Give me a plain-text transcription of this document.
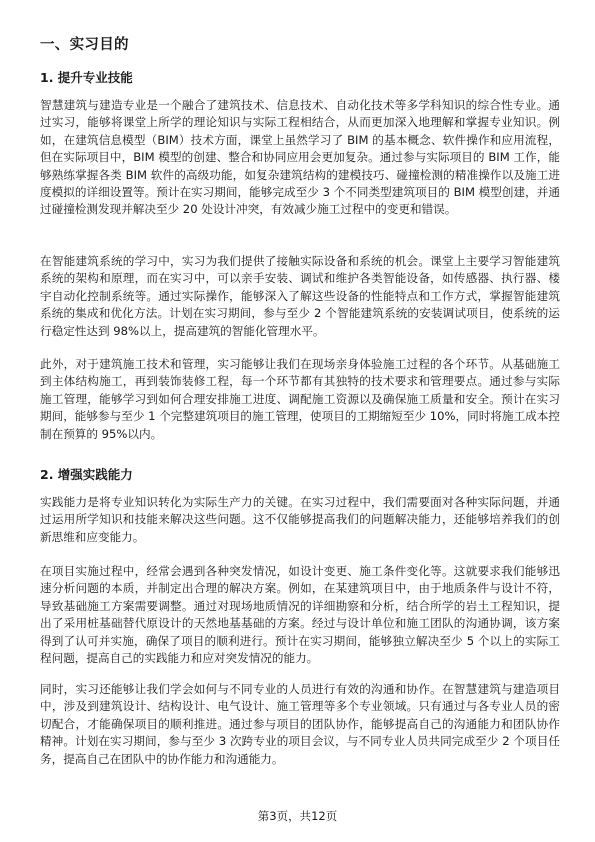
一、实习目的
1. 提升专业技能

智慧建筑与建造专业是一个融合了建筑技术、信息技术、自动化技术等多学科知识的综合性专业。通过实习，能够将课堂上所学的理论知识与实际工程相结合，从而更加深入地理解和掌握专业知识。例如，在建筑信息模型（BIM）技术方面，课堂上虽然学习了 BIM 的基本概念、软件操作和应用流程，但在实际项目中，BIM 模型的创建、整合和协同应用会更加复杂。通过参与实际项目的 BIM 工作，能够熟练掌握各类 BIM 软件的高级功能，如复杂建筑结构的建模技巧、碰撞检测的精准操作以及施工进度模拟的详细设置等。预计在实习期间，能够完成至少 3 个不同类型建筑项目的 BIM 模型创建，并通过碰撞检测发现并解决至少 20 处设计冲突，有效减少施工过程中的变更和错误。

在智能建筑系统的学习中，实习为我们提供了接触实际设备和系统的机会。课堂上主要学习智能建筑系统的架构和原理，而在实习中，可以亲手安装、调试和维护各类智能设备，如传感器、执行器、楼宇自动化控制系统等。通过实际操作，能够深入了解这些设备的性能特点和工作方式，掌握智能建筑系统的集成和优化方法。计划在实习期间，参与至少 2 个智能建筑系统的安装调试项目，使系统的运行稳定性达到 98%以上，提高建筑的智能化管理水平。

此外，对于建筑施工技术和管理，实习能够让我们在现场亲身体验施工过程的各个环节。从基础施工到主体结构施工，再到装饰装修工程，每一个环节都有其独特的技术要求和管理要点。通过参与实际施工管理，能够学习到如何合理安排施工进度、调配施工资源以及确保施工质量和安全。预计在实习期间，能够参与至少 1 个完整建筑项目的施工管理，使项目的工期缩短至少 10%，同时将施工成本控制在预算的 95%以内。

2. 增强实践能力

实践能力是将专业知识转化为实际生产力的关键。在实习过程中，我们需要面对各种实际问题，并通过运用所学知识和技能来解决这些问题。这不仅能够提高我们的问题解决能力，还能够培养我们的创新思维和应变能力。

在项目实施过程中，经常会遇到各种突发情况，如设计变更、施工条件变化等。这就要求我们能够迅速分析问题的本质，并制定出合理的解决方案。例如，在某建筑项目中，由于地质条件与设计不符，导致基础施工方案需要调整。通过对现场地质情况的详细勘察和分析，结合所学的岩土工程知识，提出了采用桩基础替代原设计的天然地基基础的方案。经过与设计单位和施工团队的沟通协调，该方案得到了认可并实施，确保了项目的顺利进行。预计在实习期间，能够独立解决至少 5 个以上的实际工程问题，提高自己的实践能力和应对突发情况的能力。

同时，实习还能够让我们学会如何与不同专业的人员进行有效的沟通和协作。在智慧建筑与建造项目中，涉及到建筑设计、结构设计、电气设计、施工管理等多个专业领域。只有通过与各专业人员的密切配合，才能确保项目的顺利推进。通过参与项目的团队协作，能够提高自己的沟通能力和团队协作精神。计划在实习期间，参与至少 3 次跨专业的项目会议，与不同专业人员共同完成至少 2 个项目任务，提高自己在团队中的协作能力和沟通能力。

第3页，共12页
